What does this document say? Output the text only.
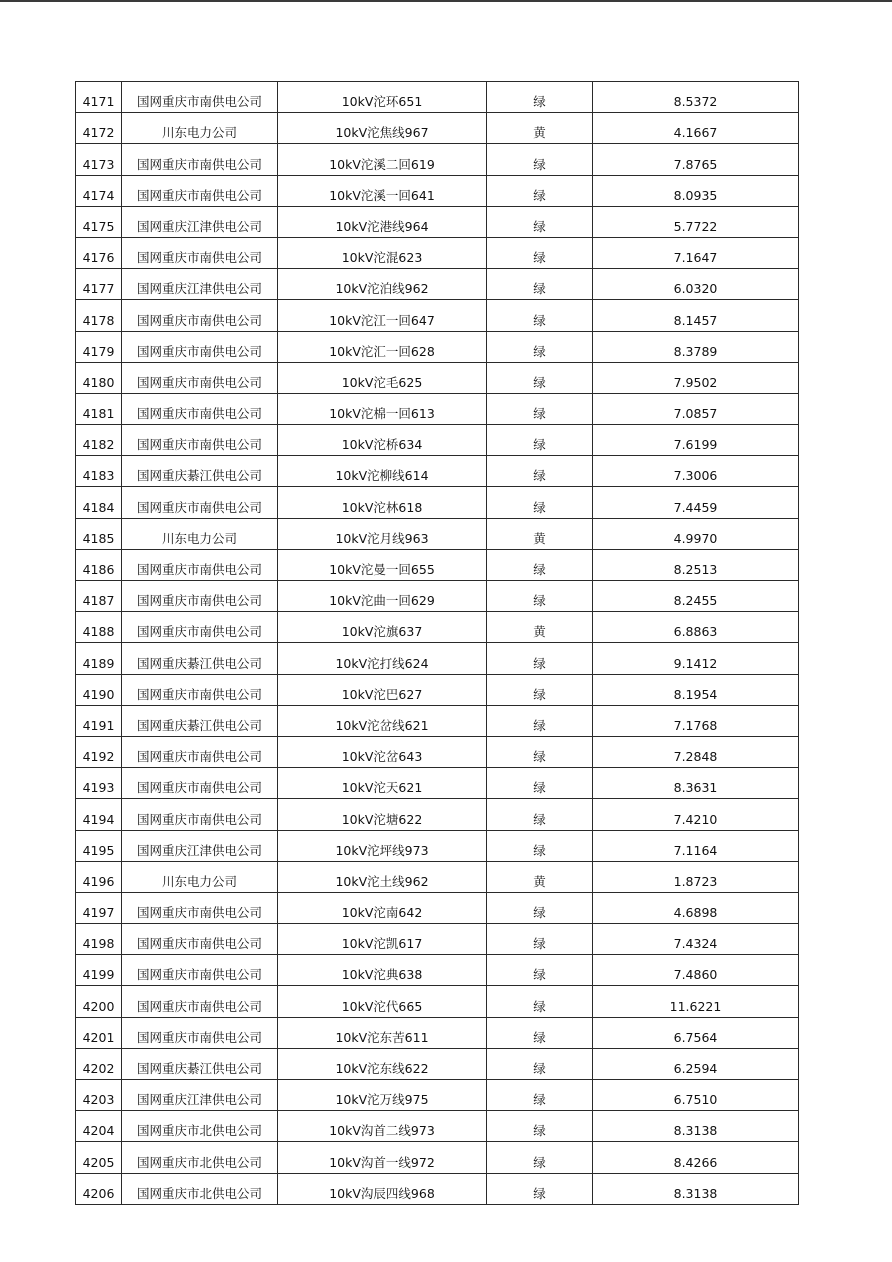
4171	国网重庆市南供电公司	10kV沱环651	绿	8.5372
4172	川东电力公司	10kV沱焦线967	黄	4.1667
4173	国网重庆市南供电公司	10kV沱溪二回619	绿	7.8765
4174	国网重庆市南供电公司	10kV沱溪一回641	绿	8.0935
4175	国网重庆江津供电公司	10kV沱港线964	绿	5.7722
4176	国网重庆市南供电公司	10kV沱混623	绿	7.1647
4177	国网重庆江津供电公司	10kV沱泊线962	绿	6.0320
4178	国网重庆市南供电公司	10kV沱江一回647	绿	8.1457
4179	国网重庆市南供电公司	10kV沱汇一回628	绿	8.3789
4180	国网重庆市南供电公司	10kV沱毛625	绿	7.9502
4181	国网重庆市南供电公司	10kV沱棉一回613	绿	7.0857
4182	国网重庆市南供电公司	10kV沱桥634	绿	7.6199
4183	国网重庆綦江供电公司	10kV沱柳线614	绿	7.3006
4184	国网重庆市南供电公司	10kV沱林618	绿	7.4459
4185	川东电力公司	10kV沱月线963	黄	4.9970
4186	国网重庆市南供电公司	10kV沱曼一回655	绿	8.2513
4187	国网重庆市南供电公司	10kV沱曲一回629	绿	8.2455
4188	国网重庆市南供电公司	10kV沱旗637	黄	6.8863
4189	国网重庆綦江供电公司	10kV沱打线624	绿	9.1412
4190	国网重庆市南供电公司	10kV沱巴627	绿	8.1954
4191	国网重庆綦江供电公司	10kV沱岔线621	绿	7.1768
4192	国网重庆市南供电公司	10kV沱岔643	绿	7.2848
4193	国网重庆市南供电公司	10kV沱天621	绿	8.3631
4194	国网重庆市南供电公司	10kV沱塘622	绿	7.4210
4195	国网重庆江津供电公司	10kV沱坪线973	绿	7.1164
4196	川东电力公司	10kV沱土线962	黄	1.8723
4197	国网重庆市南供电公司	10kV沱南642	绿	4.6898
4198	国网重庆市南供电公司	10kV沱凯617	绿	7.4324
4199	国网重庆市南供电公司	10kV沱典638	绿	7.4860
4200	国网重庆市南供电公司	10kV沱代665	绿	11.6221
4201	国网重庆市南供电公司	10kV沱东苦611	绿	6.7564
4202	国网重庆綦江供电公司	10kV沱东线622	绿	6.2594
4203	国网重庆江津供电公司	10kV沱万线975	绿	6.7510
4204	国网重庆市北供电公司	10kV沟首二线973	绿	8.3138
4205	国网重庆市北供电公司	10kV沟首一线972	绿	8.4266
4206	国网重庆市北供电公司	10kV沟辰四线968	绿	8.3138
